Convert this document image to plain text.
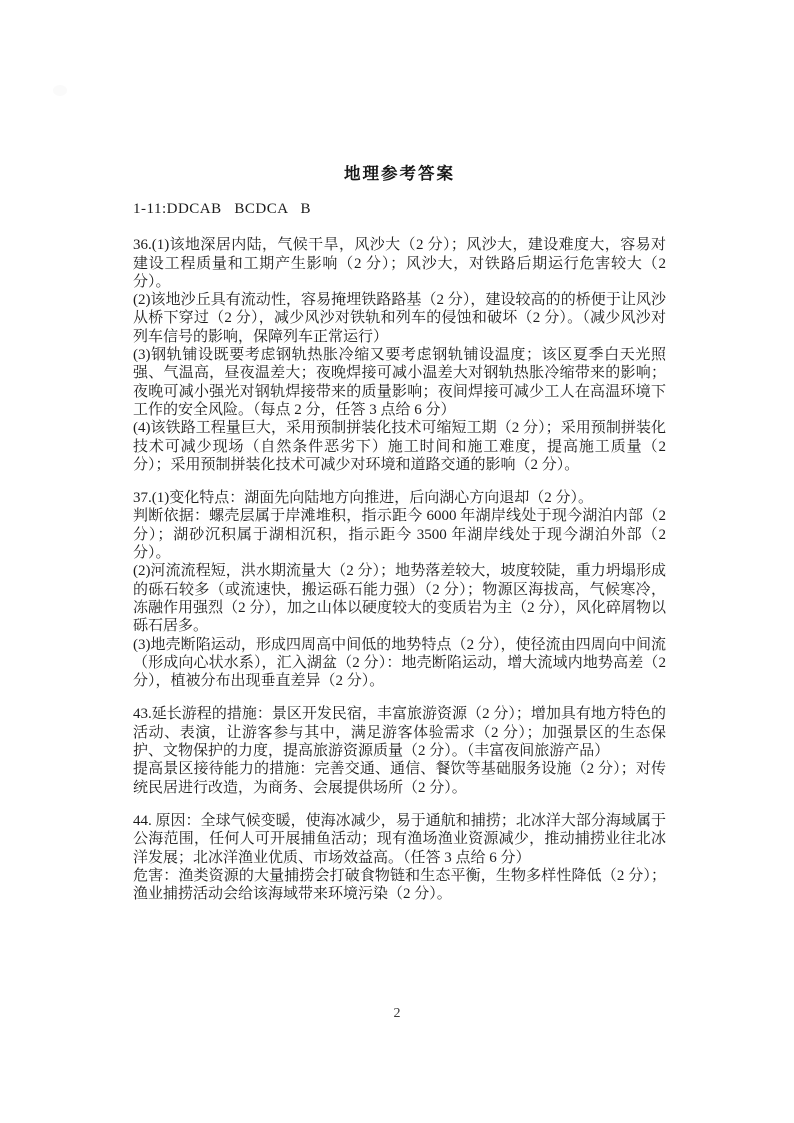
地理参考答案
1-11:DDCAB   BCDCA   B

36.(1)该地深居内陆，气候干旱，风沙大（2 分）；风沙大，建设难度大，容易对建设工程质量和工期产生影响（2 分）；风沙大，对铁路后期运行危害较大（2 分）。

(2)该地沙丘具有流动性，容易掩埋铁路路基（2 分），建设较高的的桥便于让风沙从桥下穿过（2 分），减少风沙对铁轨和列车的侵蚀和破坏（2 分）。（减少风沙对列车信号的影响，保障列车正常运行）

(3)钢轨铺设既要考虑钢轨热胀冷缩又要考虑钢轨铺设温度；该区夏季白天光照强、气温高，昼夜温差大；夜晚焊接可减小温差大对钢轨热胀冷缩带来的影响；夜晚可减小强光对钢轨焊接带来的质量影响；夜间焊接可减少工人在高温环境下工作的安全风险。（每点 2 分，任答 3 点给 6 分）

(4)该铁路工程量巨大，采用预制拼装化技术可缩短工期（2 分）；采用预制拼装化技术可减少现场（自然条件恶劣下）施工时间和施工难度，提高施工质量（2 分）；采用预制拼装化技术可减少对环境和道路交通的影响（2 分）。

37.(1)变化特点：湖面先向陆地方向推进，后向湖心方向退却（2 分）。

判断依据：螺壳层属于岸滩堆积，指示距今 6000 年湖岸线处于现今湖泊内部（2 分）；湖砂沉积属于湖相沉积，指示距今 3500 年湖岸线处于现今湖泊外部（2 分）。

(2)河流流程短，洪水期流量大（2 分）；地势落差较大，坡度较陡，重力坍塌形成的砾石较多（或流速快，搬运砾石能力强）（2 分）；物源区海拔高，气候寒冷，冻融作用强烈（2 分），加之山体以硬度较大的变质岩为主（2 分），风化碎屑物以砾石居多。

(3)地壳断陷运动，形成四周高中间低的地势特点（2 分），使径流由四周向中间流（形成向心状水系），汇入湖盆（2 分）：地壳断陷运动，增大流域内地势高差（2 分），植被分布出现垂直差异（2 分）。

43.延长游程的措施：景区开发民宿，丰富旅游资源（2 分）；增加具有地方特色的活动、表演，让游客参与其中，满足游客体验需求（2 分）；加强景区的生态保护、文物保护的力度，提高旅游资源质量（2 分）。（丰富夜间旅游产品）

提高景区接待能力的措施：完善交通、通信、餐饮等基础服务设施（2 分）；对传统民居进行改造，为商务、会展提供场所（2 分）。

44. 原因：全球气候变暖，使海冰减少，易于通航和捕捞；北冰洋大部分海域属于公海范围，任何人可开展捕鱼活动；现有渔场渔业资源减少，推动捕捞业往北冰洋发展；北冰洋渔业优质、市场效益高。（任答 3 点给 6 分）

危害：渔类资源的大量捕捞会打破食物链和生态平衡，生物多样性降低（2 分）；渔业捕捞活动会给该海域带来环境污染（2 分）。

2
